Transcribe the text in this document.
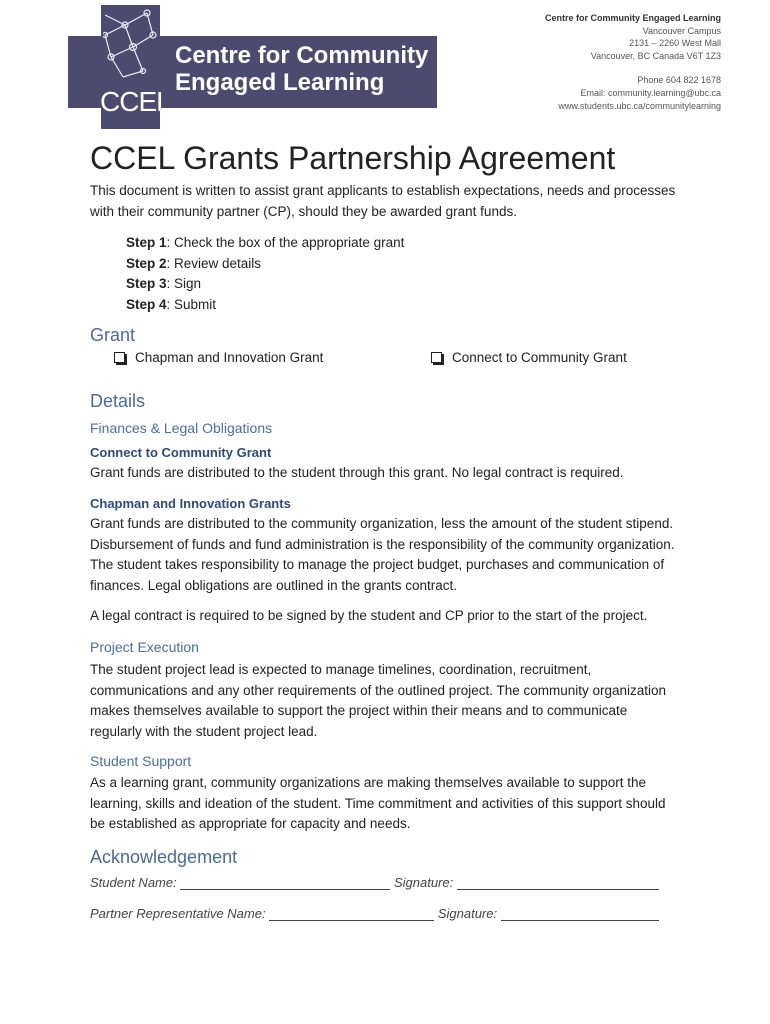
CCEL
Centre for Community
Engaged Learning
Centre for Community Engaged Learning
Vancouver Campus
2131 – 2260 West Mall
Vancouver, BC Canada V6T 1Z3
Phone 604 822 1678
Email: community.learning@ubc.ca
www.students.ubc.ca/communitylearning
CCEL Grants Partnership Agreement

This document is written to assist grant applicants to establish expectations, needs and processes with their community partner (CP), should they be awarded grant funds.

Step 1: Check the box of the appropriate grant
Step 2: Review details
Step 3: Sign
Step 4: Submit
Grant
Chapman and Innovation Grant	Connect to Community Grant
Details
Finances & Legal Obligations
Connect to Community Grant

Grant funds are distributed to the student through this grant. No legal contract is required.

Chapman and Innovation Grants

Grant funds are distributed to the community organization, less the amount of the student stipend. Disbursement of funds and fund administration is the responsibility of the community organization. The student takes responsibility to manage the project budget, purchases and communication of finances. Legal obligations are outlined in the grants contract.

A legal contract is required to be signed by the student and CP prior to the start of the project.

Project Execution

The student project lead is expected to manage timelines, coordination, recruitment, communications and any other requirements of the outlined project. The community organization makes themselves available to support the project within their means and to communicate regularly with the student project lead.

Student Support

As a learning grant, community organizations are making themselves available to support the learning, skills and ideation of the student. Time commitment and activities of this support should be established as appropriate for capacity and needs.

Acknowledgement
Student Name:	Signature:
Partner Representative Name:	Signature:
